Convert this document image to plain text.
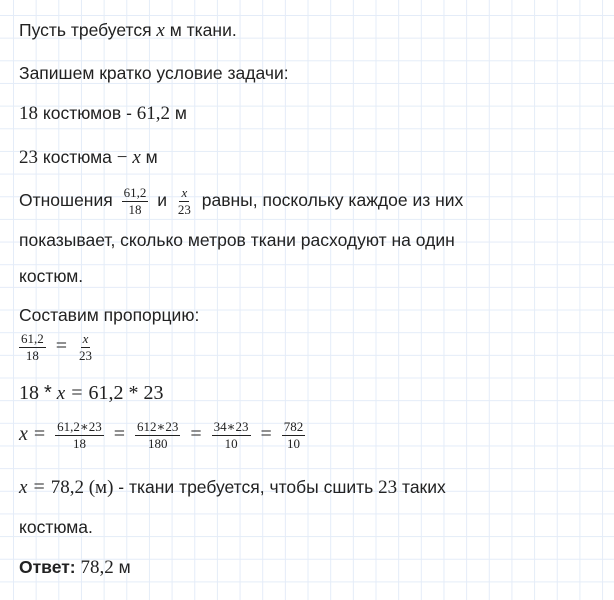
Пусть требуется x м ткани.
Запишем кратко условие задачи:
18 костюмов - 61,2 м
23 костюма − x м
Отношения $\frac{61,2}{18}$ и $\frac{x}{23}$ равны, поскольку каждое из них
показывает, сколько метров ткани расходуют на один
костюм.
Составим пропорцию:
$\frac{61,2}{18} = \frac{x}{23}$
18 * x = 61,2 * 23
$x = \frac{61,2∗23}{18} = \frac{612∗23}{180} = \frac{34∗23}{10} = \frac{782}{10}$
x = 78,2 (м) - ткани требуется, чтобы сшить 23 таких
костюма.
Ответ: 78,2 м
